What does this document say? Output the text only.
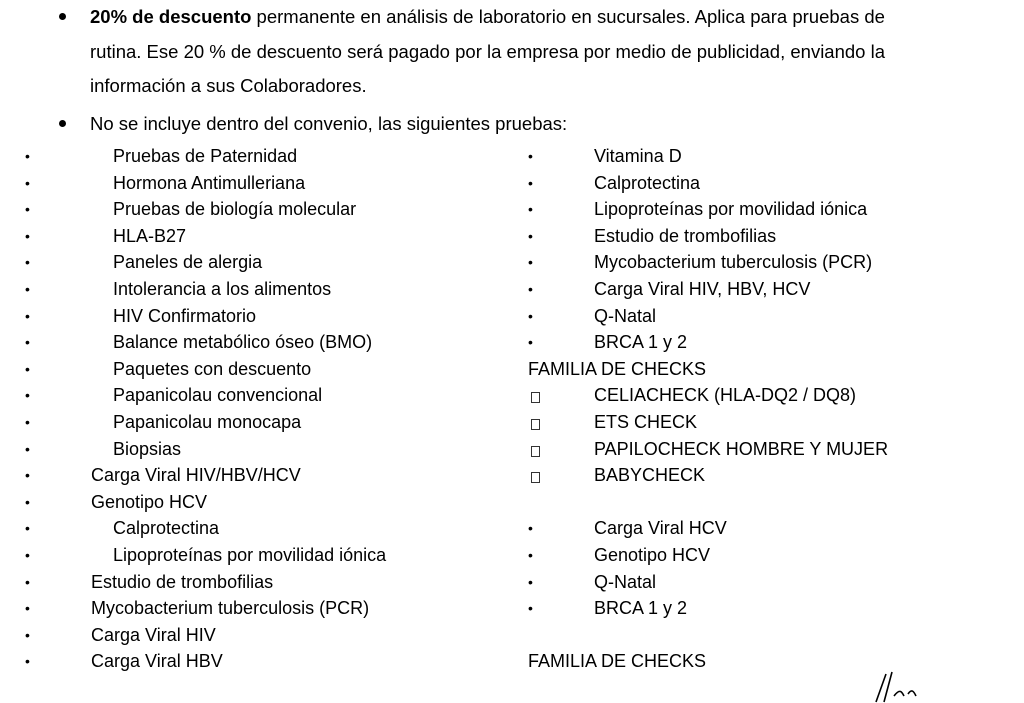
20% de descuento permanente en análisis de laboratorio en sucursales. Aplica para pruebas de
rutina. Ese 20 % de descuento será pagado por la empresa por medio de publicidad, enviando la
información a sus Colaboradores.
No se incluye dentro del convenio, las siguientes pruebas:
•	Pruebas de Paternidad
•	Hormona Antimulleriana
•	Pruebas de biología molecular
•	HLA-B27
•	Paneles de alergia
•	Intolerancia a los alimentos
•	HIV Confirmatorio
•	Balance metabólico óseo (BMO)
•	Paquetes con descuento
•	Papanicolau convencional
•	Papanicolau monocapa
•	Biopsias
•	Carga Viral HIV/HBV/HCV
•	Genotipo HCV
•	Calprotectina
•	Lipoproteínas por movilidad iónica
•	Estudio de trombofilias
•	Mycobacterium tuberculosis (PCR)
•	Carga Viral HIV
•	Carga Viral HBV
•	Vitamina D
•	Calprotectina
•	Lipoproteínas por movilidad iónica
•	Estudio de trombofilias
•	Mycobacterium tuberculosis (PCR)
•	Carga Viral HIV, HBV, HCV
•	Q-Natal
•	BRCA 1 y 2
FAMILIA DE CHECKS
CELIACHECK (HLA-DQ2 / DQ8)
ETS CHECK
PAPILOCHECK HOMBRE Y MUJER
BABYCHECK
•	Carga Viral HCV
•	Genotipo HCV
•	Q-Natal
•	BRCA 1 y 2
FAMILIA DE CHECKS
